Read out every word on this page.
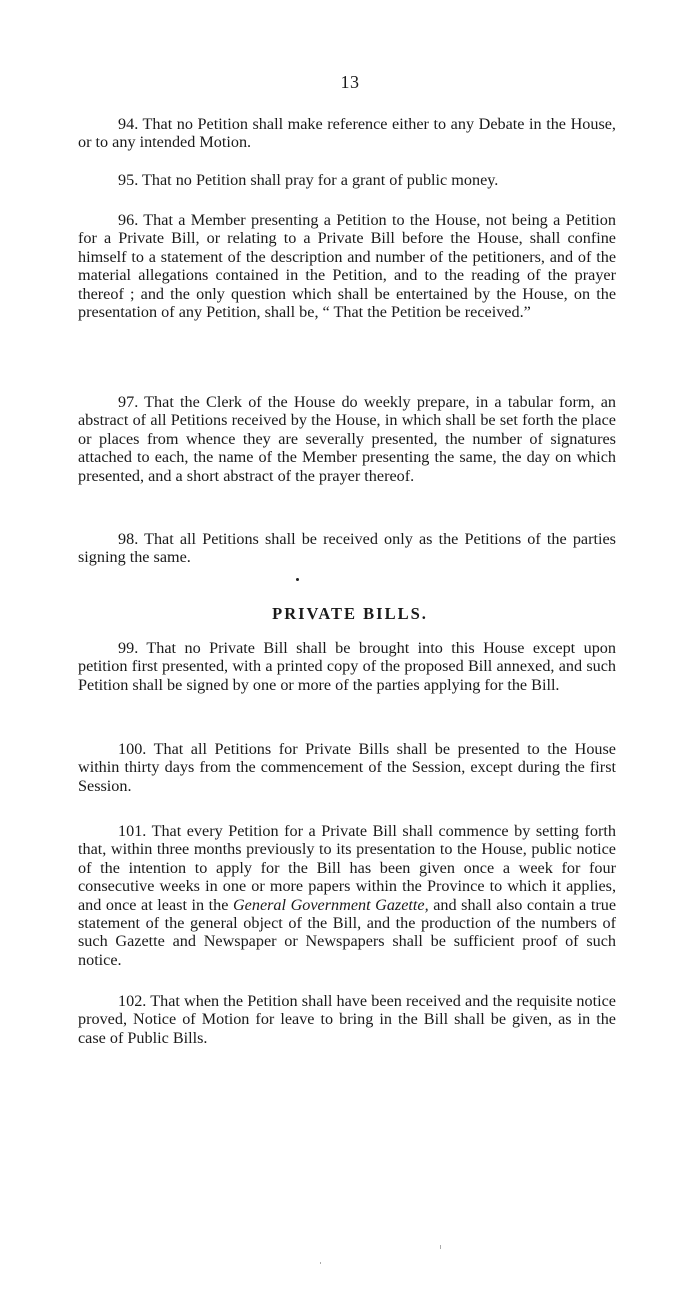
13

94. That no Petition shall make reference either to any Debate in the House, or to any intended Motion.

95. That no Petition shall pray for a grant of public money.

96. That a Member presenting a Petition to the House, not being a Petition for a Private Bill, or relating to a Private Bill before the House, shall confine himself to a statement of the description and number of the petitioners, and of the material allegations contained in the Petition, and to the reading of the prayer thereof ; and the only question which shall be entertained by the House, on the presentation of any Petition, shall be, “ That the Petition be received.”

97. That the Clerk of the House do weekly prepare, in a tabular form, an abstract of all Petitions received by the House, in which shall be set forth the place or places from whence they are severally presented, the number of signatures attached to each, the name of the Member presenting the same, the day on which presented, and a short abstract of the prayer thereof.

98. That all Petitions shall be received only as the Petitions of the parties signing the same.

PRIVATE BILLS.

99. That no Private Bill shall be brought into this House except upon petition first presented, with a printed copy of the proposed Bill annexed, and such Petition shall be signed by one or more of the parties applying for the Bill.

100. That all Petitions for Private Bills shall be presented to the House within thirty days from the commencement of the Session, except during the first Session.

101. That every Petition for a Private Bill shall commence by setting forth that, within three months previously to its presentation to the House, public notice of the intention to apply for the Bill has been given once a week for four consecutive weeks in one or more papers within the Province to which it applies, and once at least in the General Government Gazette, and shall also contain a true statement of the general object of the Bill, and the production of the numbers of such Gazette and Newspaper or Newspapers shall be sufficient proof of such notice.

102. That when the Petition shall have been received and the requisite notice proved, Notice of Motion for leave to bring in the Bill shall be given, as in the case of Public Bills.
